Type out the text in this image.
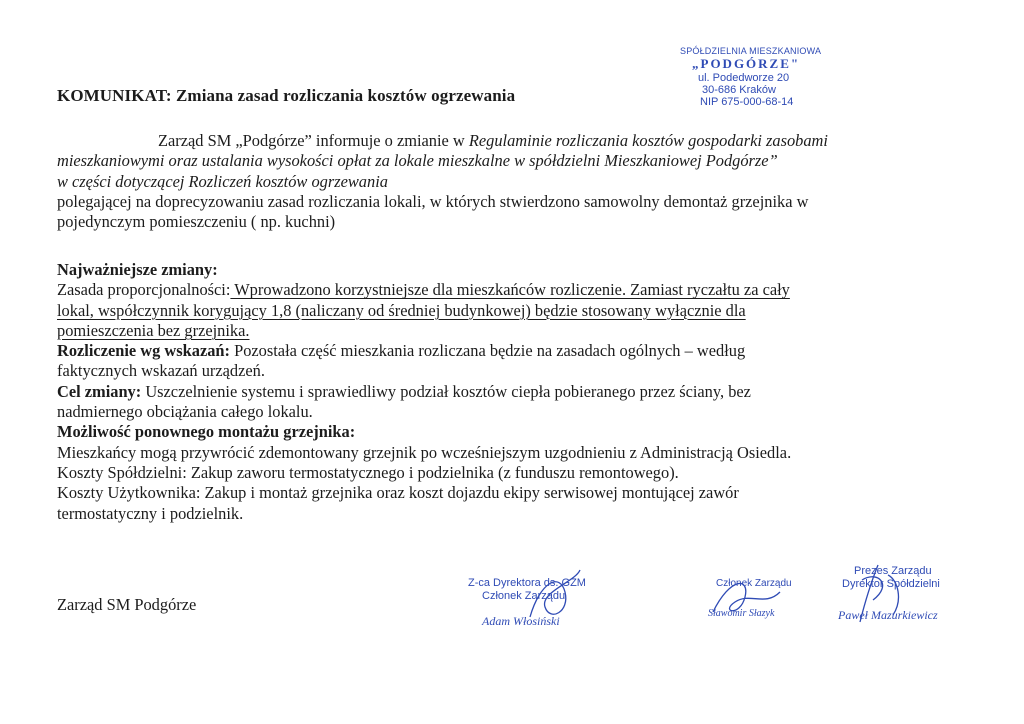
SPÓŁDZIELNIA MIESZKANIOWA
„PODGÓRZE"
ul. Podedworze 20
30-686 Kraków
NIP 675-000-68-14
KOMUNIKAT: Zmiana zasad rozliczania kosztów ogrzewania
Zarząd SM „Podgórze” informuje o zmianie w Regulaminie rozliczania kosztów gospodarki zasobami
mieszkaniowymi oraz ustalania wysokości opłat za lokale mieszkalne w spółdzielni Mieszkaniowej Podgórze”
w części dotyczącej Rozliczeń kosztów ogrzewania
polegającej na doprecyzowaniu zasad rozliczania lokali, w których stwierdzono samowolny demontaż grzejnika w
pojedynczym pomieszczeniu ( np. kuchni)
Najważniejsze zmiany:
Zasada proporcjonalności: Wprowadzono korzystniejsze dla mieszkańców rozliczenie. Zamiast ryczałtu za cały
lokal, współczynnik korygujący 1,8 (naliczany od średniej budynkowej) będzie stosowany wyłącznie dla
pomieszczenia bez grzejnika.
Rozliczenie wg wskazań: Pozostała część mieszkania rozliczana będzie na zasadach ogólnych – według
faktycznych wskazań urządzeń.
Cel zmiany: Uszczelnienie systemu i sprawiedliwy podział kosztów ciepła pobieranego przez ściany, bez
nadmiernego obciążania całego lokalu.
Możliwość ponownego montażu grzejnika:
Mieszkańcy mogą przywrócić zdemontowany grzejnik po wcześniejszym uzgodnieniu z Administracją Osiedla.
Koszty Spółdzielni: Zakup zaworu termostatycznego i podzielnika (z funduszu remontowego).
Koszty Użytkownika: Zakup i montaż grzejnika oraz koszt dojazdu ekipy serwisowej montującej zawór
termostatyczny i podzielnik.
Zarząd SM Podgórze
Z-ca Dyrektora ds. GZM
Członek Zarządu
Adam Włosiński
Członek Zarządu
Sławomir Słazyk
Prezes Zarządu
Dyrektor Spółdzielni
Paweł Mazurkiewicz
